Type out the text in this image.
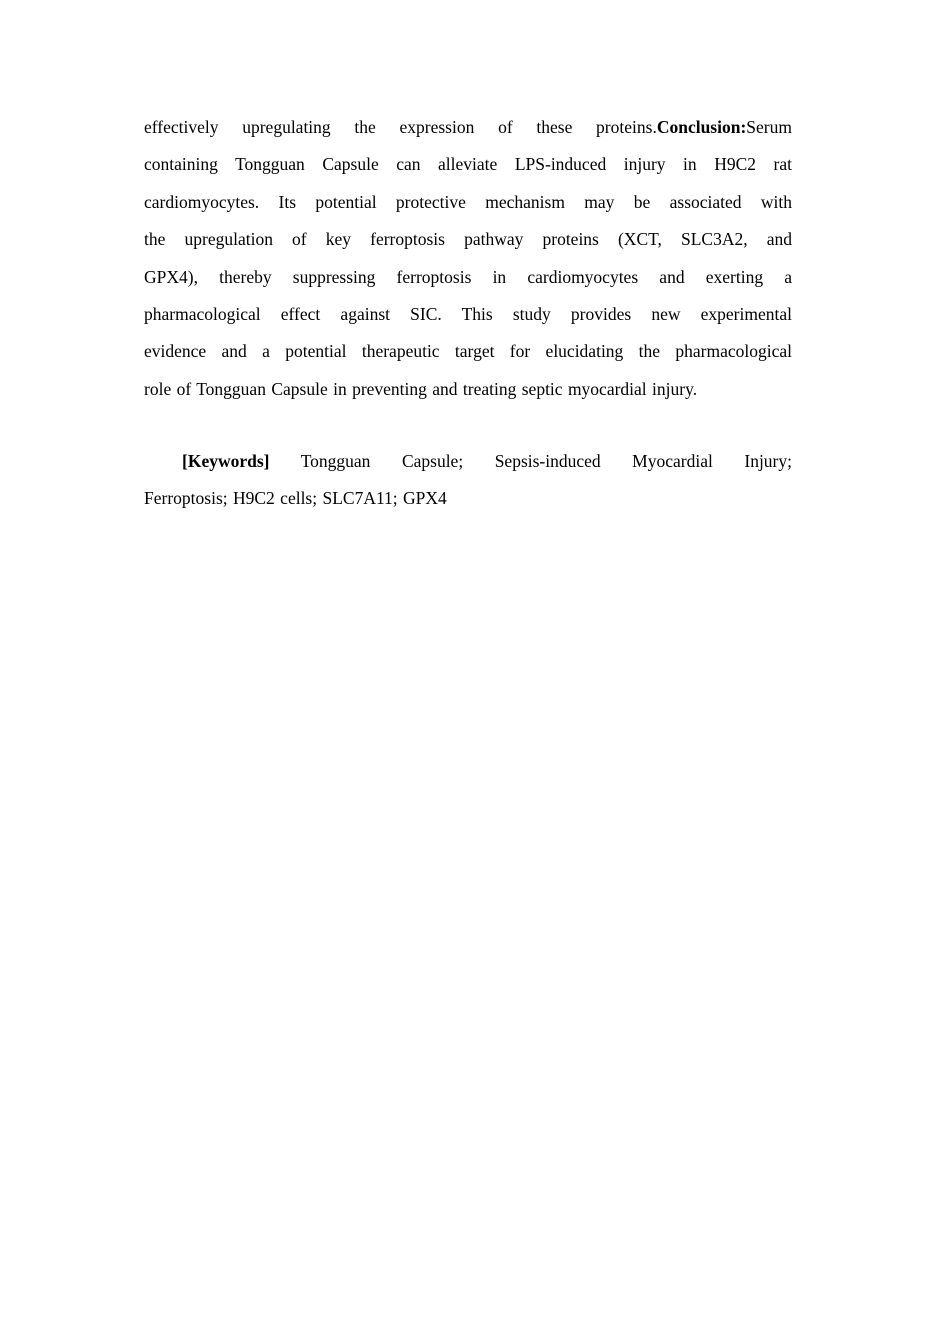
effectively upregulating the expression of these proteins.Conclusion:Serum
containing Tongguan Capsule can alleviate LPS-induced injury in H9C2 rat
cardiomyocytes. Its potential protective mechanism may be associated with
the upregulation of key ferroptosis pathway proteins (XCT, SLC3A2, and
GPX4), thereby suppressing ferroptosis in cardiomyocytes and exerting a
pharmacological effect against SIC. This study provides new experimental
evidence and a potential therapeutic target for elucidating the pharmacological
role of Tongguan Capsule in preventing and treating septic myocardial injury.
[Keywords] Tongguan Capsule; Sepsis-induced Myocardial Injury;
Ferroptosis; H9C2 cells; SLC7A11; GPX4
